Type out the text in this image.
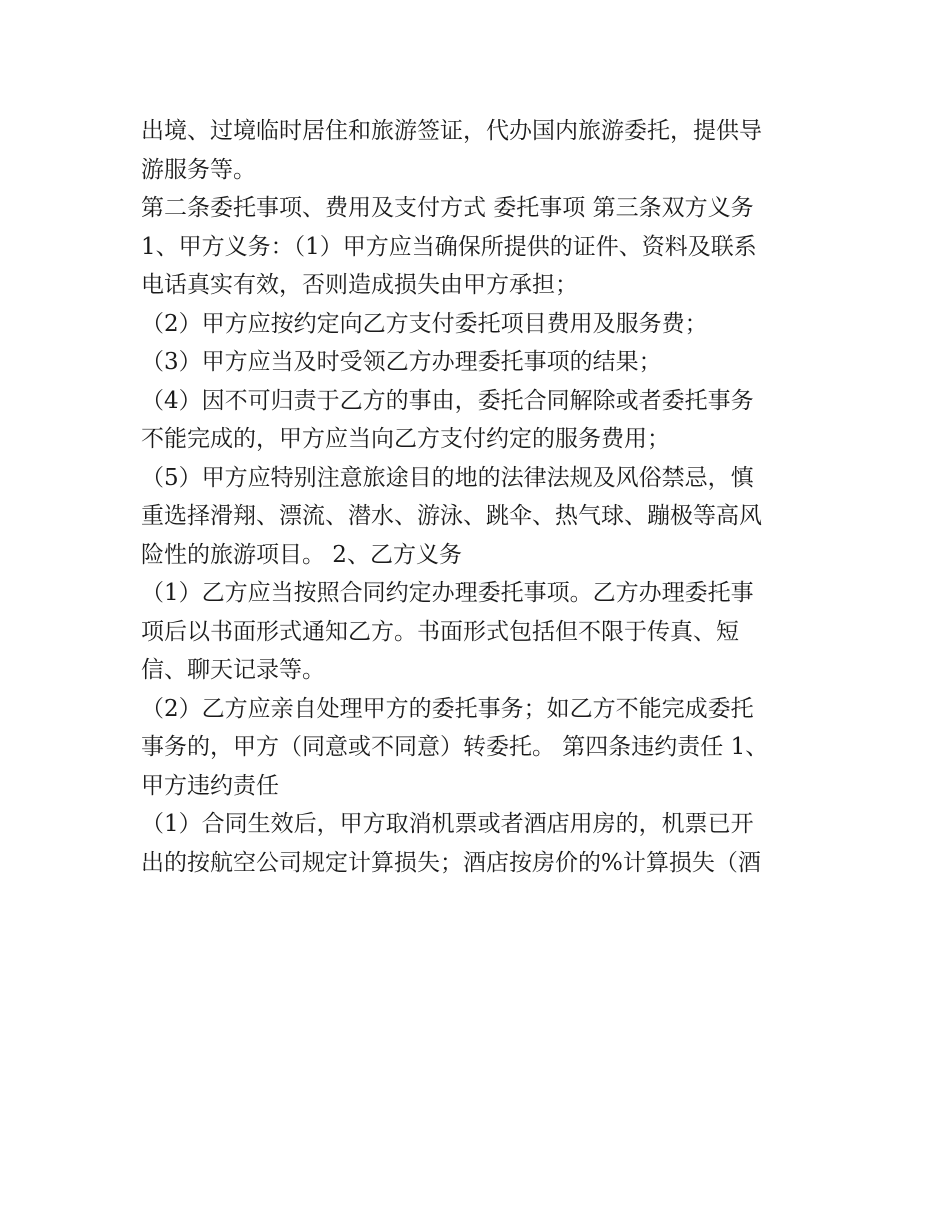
出境、过境临时居住和旅游签证，代办国内旅游委托，提供导
游服务等。
第二条委托事项、费用及支付方式 委托事项 第三条双方义务
1、甲方义务：（1）甲方应当确保所提供的证件、资料及联系
电话真实有效，否则造成损失由甲方承担；
（2）甲方应按约定向乙方支付委托项目费用及服务费；
（3）甲方应当及时受领乙方办理委托事项的结果；
（4）因不可归责于乙方的事由，委托合同解除或者委托事务
不能完成的，甲方应当向乙方支付约定的服务费用；
（5）甲方应特别注意旅途目的地的法律法规及风俗禁忌，慎
重选择滑翔、漂流、潜水、游泳、跳伞、热气球、蹦极等高风
险性的旅游项目。 2、乙方义务
（1）乙方应当按照合同约定办理委托事项。乙方办理委托事
项后以书面形式通知乙方。书面形式包括但不限于传真、短
信、聊天记录等。
（2）乙方应亲自处理甲方的委托事务；如乙方不能完成委托
事务的，甲方（同意或不同意）转委托。 第四条违约责任 1、
甲方违约责任
（1）合同生效后，甲方取消机票或者酒店用房的，机票已开
出的按航空公司规定计算损失；酒店按房价的%计算损失（酒
